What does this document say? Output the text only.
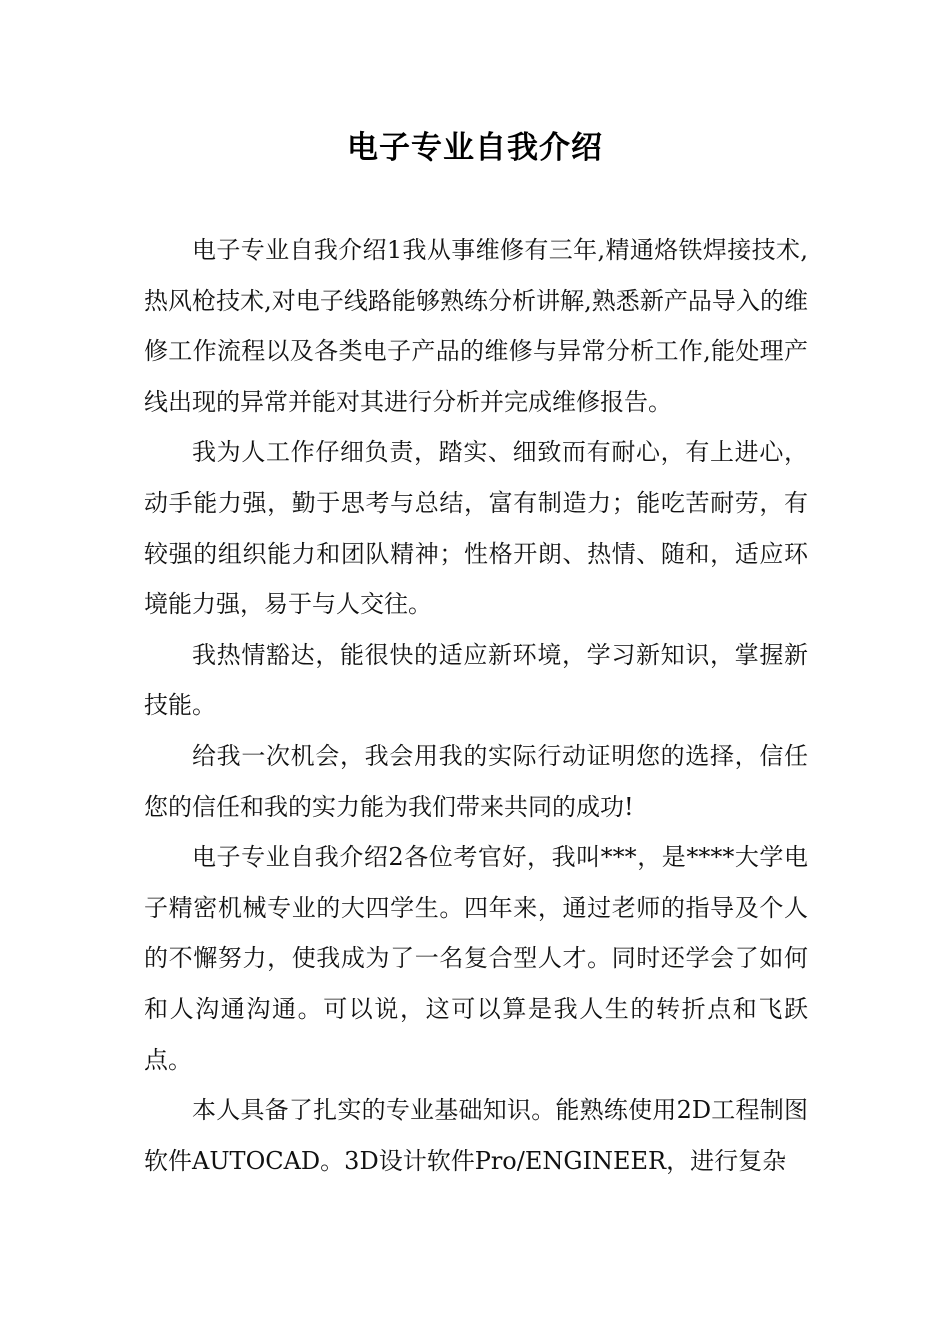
电子专业自我介绍

电子专业自我介绍1我从事维修有三年,精通烙铁焊接技术,热风枪技术,对电子线路能够熟练分析讲解,熟悉新产品导入的维修工作流程以及各类电子产品的维修与异常分析工作,能处理产线出现的异常并能对其进行分析并完成维修报告。

我为人工作仔细负责，踏实、细致而有耐心，有上进心，动手能力强，勤于思考与总结，富有制造力；能吃苦耐劳，有较强的组织能力和团队精神；性格开朗、热情、随和，适应环境能力强，易于与人交往。

我热情豁达，能很快的适应新环境，学习新知识，掌握新技能。

给我一次机会，我会用我的实际行动证明您的选择，信任您的信任和我的实力能为我们带来共同的成功!

电子专业自我介绍2各位考官好，我叫***，是****大学电子精密机械专业的大四学生。四年来，通过老师的指导及个人的不懈努力，使我成为了一名复合型人才。同时还学会了如何和人沟通沟通。可以说，这可以算是我人生的转折点和飞跃点。

本人具备了扎实的专业基础知识。能熟练使用2D工程制图软件AUTOCAD。3D设计软件Pro/ENGINEER，进行复杂
